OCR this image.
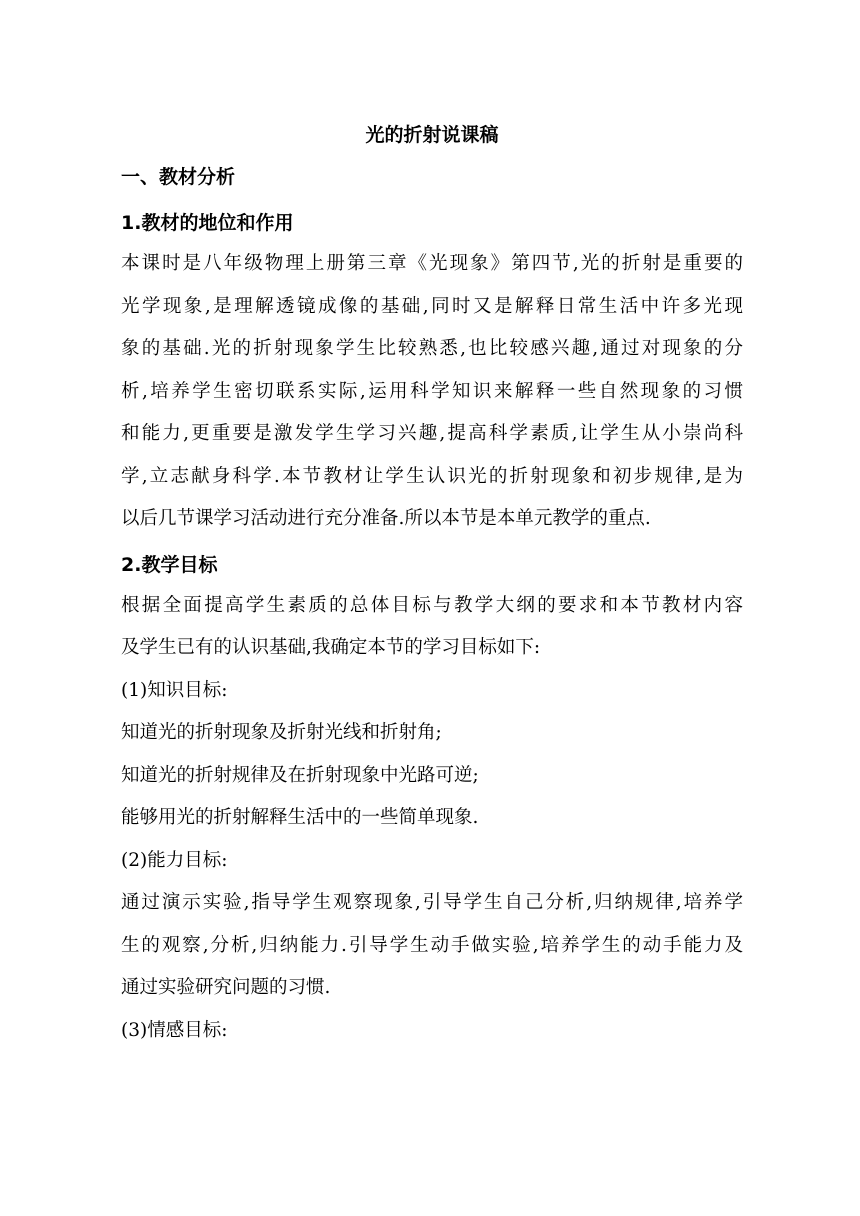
光的折射说课稿
一、教材分析
1.教材的地位和作用
本课时是八年级物理上册第三章《光现象》第四节,光的折射是重要的
光学现象,是理解透镜成像的基础,同时又是解释日常生活中许多光现
象的基础.光的折射现象学生比较熟悉,也比较感兴趣,通过对现象的分
析,培养学生密切联系实际,运用科学知识来解释一些自然现象的习惯
和能力,更重要是激发学生学习兴趣,提高科学素质,让学生从小崇尚科
学,立志献身科学.本节教材让学生认识光的折射现象和初步规律,是为
以后几节课学习活动进行充分准备.所以本节是本单元教学的重点.
2.教学目标
根据全面提高学生素质的总体目标与教学大纲的要求和本节教材内容
及学生已有的认识基础,我确定本节的学习目标如下:
(1)知识目标:
知道光的折射现象及折射光线和折射角;
知道光的折射规律及在折射现象中光路可逆;
能够用光的折射解释生活中的一些简单现象.
(2)能力目标:
通过演示实验,指导学生观察现象,引导学生自己分析,归纳规律,培养学
生的观察,分析,归纳能力.引导学生动手做实验,培养学生的动手能力及
通过实验研究问题的习惯.
(3)情感目标:
